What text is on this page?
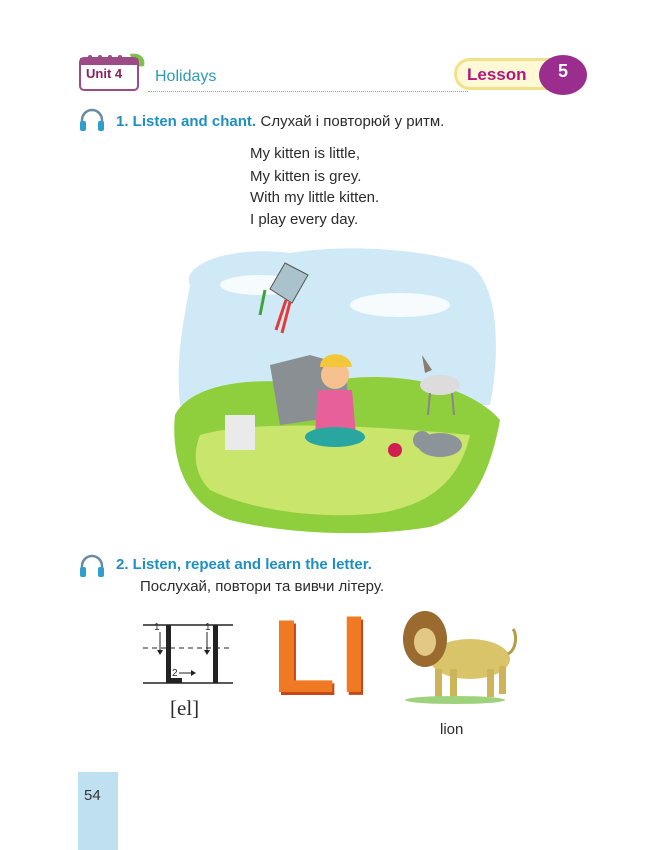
Unit 4 Holidays	Lesson	5
1. Listen and chant. Слухай і повторюй у ритм.
My kitten is little,
My kitten is grey.
With my little kitten.
I play every day.
2. Listen, repeat and learn the letter.
Послухай, повтори та вивчи літеру.
1	1
2
[el] Ll
lion
54
